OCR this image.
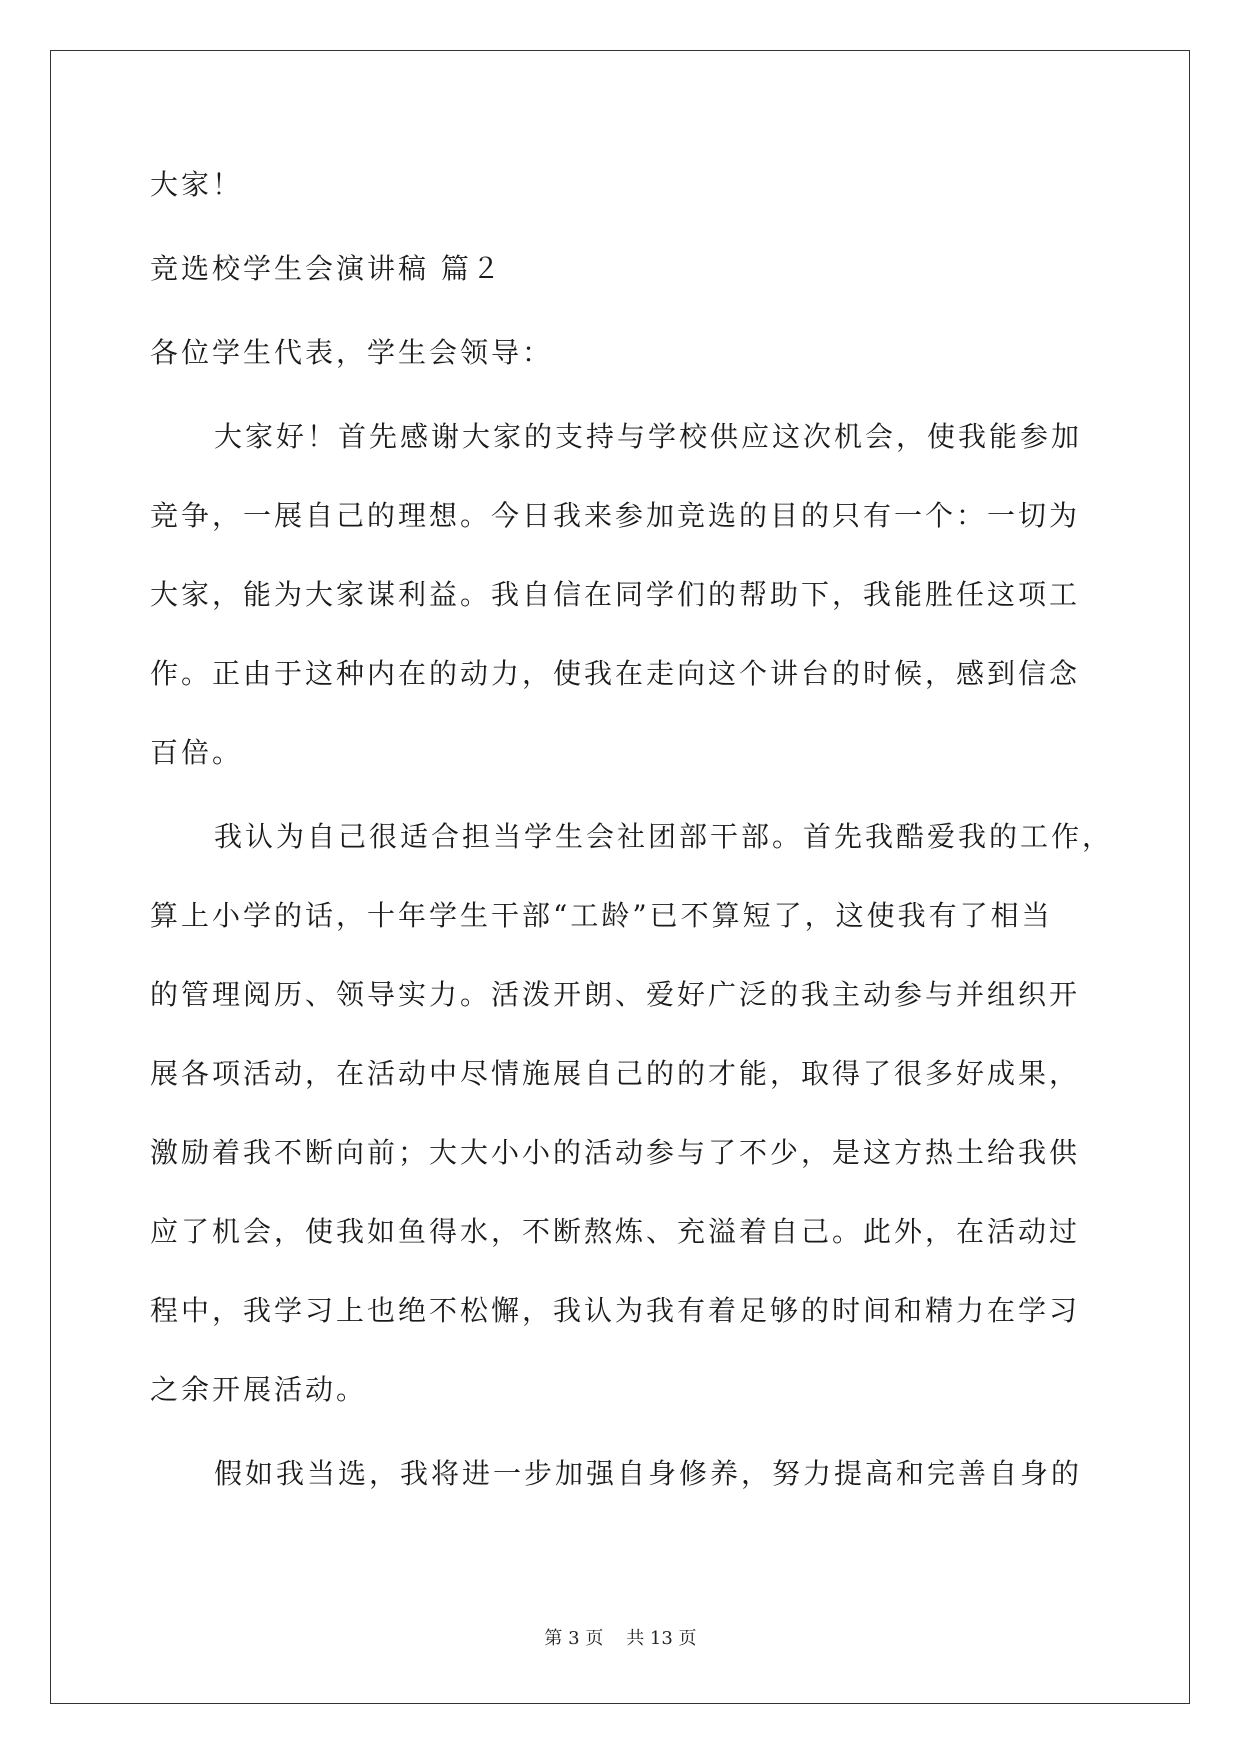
大家！

竞选校学生会演讲稿 篇２

各位学生代表，学生会领导：

大家好！首先感谢大家的支持与学校供应这次机会，使我能参加

竞争，一展自己的理想。今日我来参加竞选的目的只有一个：一切为

大家，能为大家谋利益。我自信在同学们的帮助下，我能胜任这项工

作。正由于这种内在的动力，使我在走向这个讲台的时候，感到信念

百倍。

我认为自己很适合担当学生会社团部干部。首先我酷爱我的工作，

算上小学的话，十年学生干部“工龄”已不算短了，这使我有了相当

的管理阅历、领导实力。活泼开朗、爱好广泛的我主动参与并组织开

展各项活动，在活动中尽情施展自己的的才能，取得了很多好成果，

激励着我不断向前；大大小小的活动参与了不少，是这方热土给我供

应了机会，使我如鱼得水，不断熬炼、充溢着自己。此外，在活动过

程中，我学习上也绝不松懈，我认为我有着足够的时间和精力在学习

之余开展活动。

假如我当选，我将进一步加强自身修养，努力提高和完善自身的

第 3 页    共 13 页
